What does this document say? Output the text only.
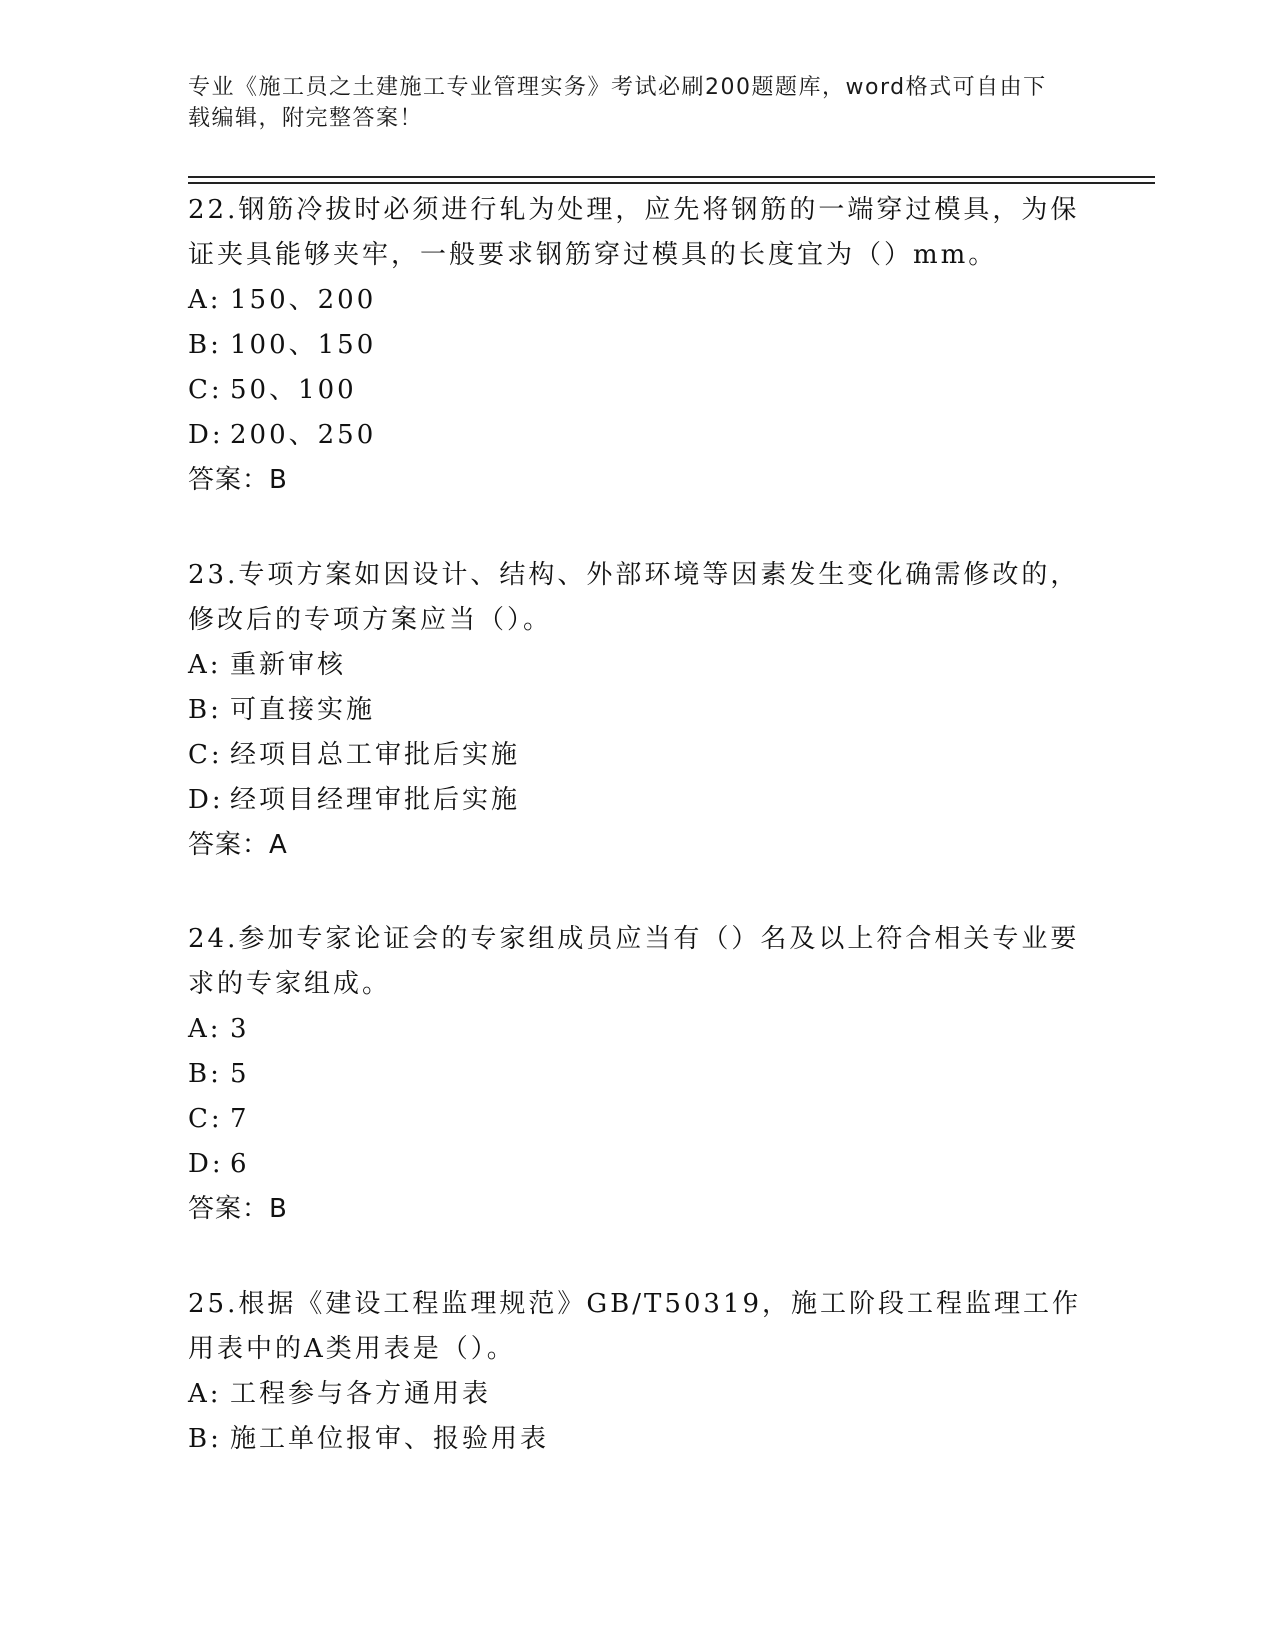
专业《施工员之土建施工专业管理实务》考试必刷200题题库，word格式可自由下载编辑，附完整答案！

22.钢筋冷拔时必须进行轧为处理，应先将钢筋的一端穿过模具，为保证夹具能够夹牢，一般要求钢筋穿过模具的长度宜为（）mm。

A: 150、200

B: 100、150

C: 50、100

D: 200、250

答案：B

23.专项方案如因设计、结构、外部环境等因素发生变化确需修改的，修改后的专项方案应当（）。

A: 重新审核

B: 可直接实施

C: 经项目总工审批后实施

D: 经项目经理审批后实施

答案：A

24.参加专家论证会的专家组成员应当有（）名及以上符合相关专业要求的专家组成。

A: 3

B: 5

C: 7

D: 6

答案：B

25.根据《建设工程监理规范》GB/T50319，施工阶段工程监理工作用表中的A类用表是（）。

A: 工程参与各方通用表

B: 施工单位报审、报验用表
